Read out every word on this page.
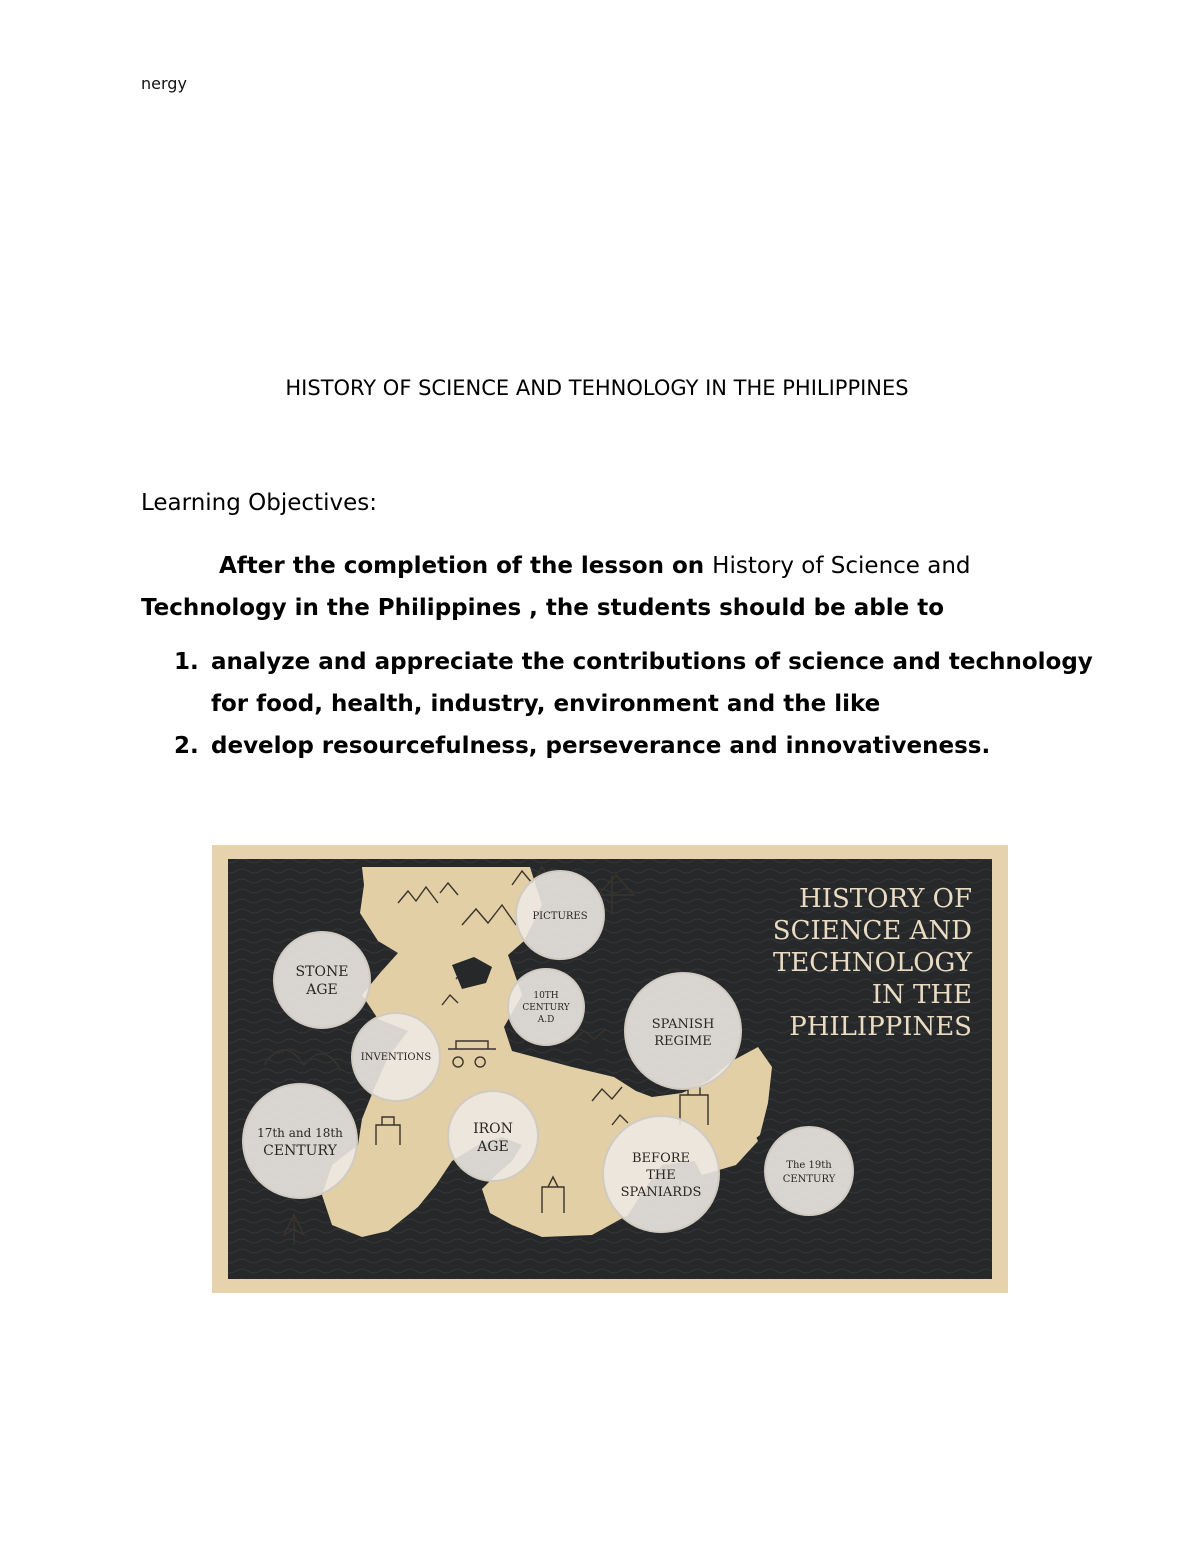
nergy
HISTORY OF SCIENCE AND TEHNOLOGY IN THE PHILIPPINES
Learning Objectives:
After the completion of the lesson on History of Science and
Technology in the Philippines , the students should be able to
1. analyze and appreciate the contributions of science and technology for food, health, industry, environment and the like
2. develop resourcefulness, perseverance and innovativeness.
PICTURES
STONE
AGE	10TH
CENTURY
A.D	SPANISH
REGIME
INVENTIONS
IRON
AGE
17th and 18th
CENTURY	BEFORE
THE
SPANIARDS
The 19th
CENTURY
HISTORY OF
SCIENCE AND
TECHNOLOGY
IN THE
PHILIPPINES
